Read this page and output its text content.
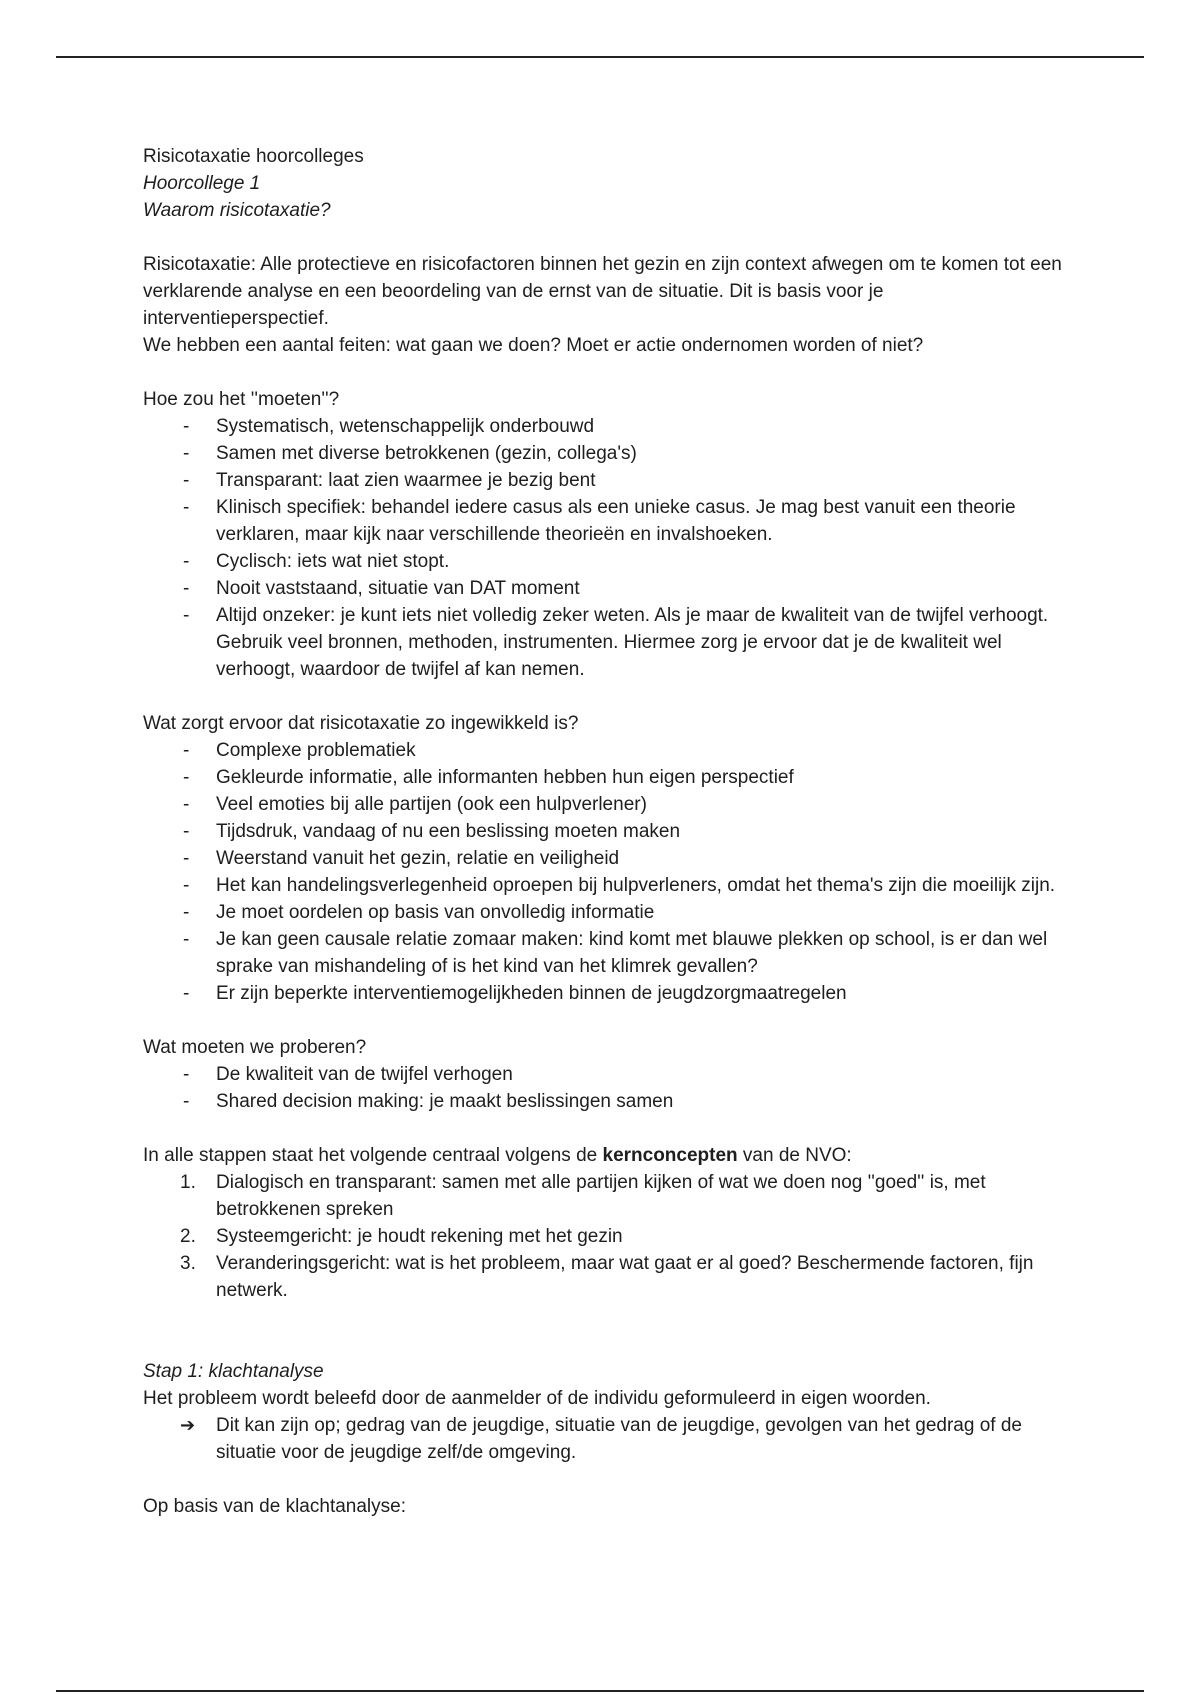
Risicotaxatie hoorcolleges

Hoorcollege 1

Waarom risicotaxatie?

Risicotaxatie: Alle protectieve en risicofactoren binnen het gezin en zijn context afwegen om te komen tot een verklarende analyse en een beoordeling van de ernst van de situatie. Dit is basis voor je interventieperspectief.

We hebben een aantal feiten: wat gaan we doen? Moet er actie ondernomen worden of niet?

Hoe zou het ''moeten''?

- Systematisch, wetenschappelijk onderbouwd
- Samen met diverse betrokkenen (gezin, collega's)
- Transparant: laat zien waarmee je bezig bent
- Klinisch specifiek: behandel iedere casus als een unieke casus. Je mag best vanuit een theorie verklaren, maar kijk naar verschillende theorieën en invalshoeken.
- Cyclisch: iets wat niet stopt.
- Nooit vaststaand, situatie van DAT moment
- Altijd onzeker: je kunt iets niet volledig zeker weten. Als je maar de kwaliteit van de twijfel verhoogt. Gebruik veel bronnen, methoden, instrumenten. Hiermee zorg je ervoor dat je de kwaliteit wel verhoogt, waardoor de twijfel af kan nemen.

Wat zorgt ervoor dat risicotaxatie zo ingewikkeld is?

- Complexe problematiek
- Gekleurde informatie, alle informanten hebben hun eigen perspectief
- Veel emoties bij alle partijen (ook een hulpverlener)
- Tijdsdruk, vandaag of nu een beslissing moeten maken
- Weerstand vanuit het gezin, relatie en veiligheid
- Het kan handelingsverlegenheid oproepen bij hulpverleners, omdat het thema's zijn die moeilijk zijn.
- Je moet oordelen op basis van onvolledig informatie
- Je kan geen causale relatie zomaar maken: kind komt met blauwe plekken op school, is er dan wel sprake van mishandeling of is het kind van het klimrek gevallen?
- Er zijn beperkte interventiemogelijkheden binnen de jeugdzorgmaatregelen

Wat moeten we proberen?

- De kwaliteit van de twijfel verhogen
- Shared decision making: je maakt beslissingen samen

In alle stappen staat het volgende centraal volgens de kernconcepten van de NVO:

1. Dialogisch en transparant: samen met alle partijen kijken of wat we doen nog ''goed'' is, met betrokkenen spreken
2. Systeemgericht: je houdt rekening met het gezin
3. Veranderingsgericht: wat is het probleem, maar wat gaat er al goed? Beschermende factoren, fijn netwerk.

Stap 1: klachtanalyse

Het probleem wordt beleefd door de aanmelder of de individu geformuleerd in eigen woorden.

➔ Dit kan zijn op; gedrag van de jeugdige, situatie van de jeugdige, gevolgen van het gedrag of de situatie voor de jeugdige zelf/de omgeving.

Op basis van de klachtanalyse:
